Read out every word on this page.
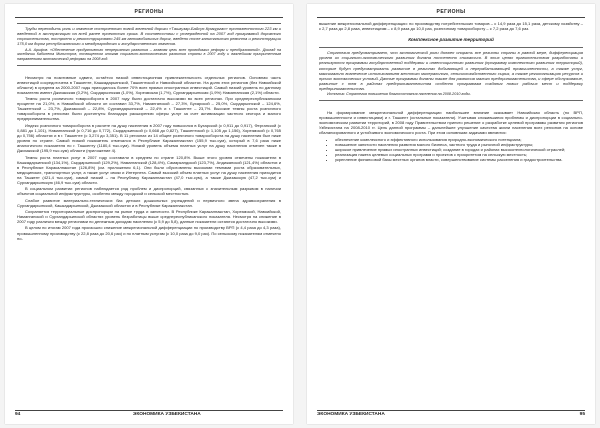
РЕГИОНЫ

Труды переходить роль и значение построенного новой железной дороги «Ташгузар-Байсун-Кумкурган» протяженностью 223 км и введенной в эксплуатацию на всей ранее проектного срока. В соответствии с утвержденной на 2007 год программой дорожного строительства, построено и реконструировано 245 км автомобильных дорог, введено после капитального ремонта и реконструкции 175,0 км дорог республиканского и международного и государственного значения.

А.А. Арифов. «Обеспечение продуктивного непрерывного развития – главная цель всех проводимых реформ и преобразований». Доклад на заседании Кабинета Министров, посвященном итогам социально-экономического развития страны в 2007 году и важнейшим приоритетным направлениям экономической реформы на 2008 год.

Несмотря на позитивные сдвиги, остаётся низкой инвестиционная привлекательность отдельных регионов. Основная часть инвестиций сосредоточена в Ташкенте, Кашкадарьинской, Ташкентской и Навоийской областях. На долю этих регионов (без Навоийской области) в среднем за 2000-2007 годы приходилось более 70% всех прямых иностранных инвестиций. Самый низкий уровень по данному показателю имеют Джизакская (0,2%), Сырдарьинская (1,0%), Хорезмская (1,7%), Сурхандарьинская (1,9%) Наманганская (2,1%) области.

Темпы роста розничного товарооборота в 2007 году были достаточно высокими во всех регионах. При среднереспубликанском проценте на 21,0%, в Навоийской области он составил 33,7%, Наманганской – 27,3%, Бухарской – 25,0%, Сырдарьинской – 124,6%, Ташкентской – 23,7%, Джизакской – 22,8%, Сурхандарьинской – 22,4% и г. Ташкенте – 23,7%. Высокие темпы роста розничного товарооборота в регионах были достигнуты благодаря расширению сферы услуг за счет активизации частного сектора и малого предпринимательства.

Индекс розничного товарооборота в расчете на душу населения в 2007 году повысился в Бухарской (с 0,911 до 0,917), Ферганской (с 0,881 до 1,101), Наманганской (с 0,716 до 0,772), Сырдарьинской (с 0,668 до 0,827), Ташкентской (с 1,105 до 1,156), Хорезмской (с 0,765 до 0,756) областях и в г. Ташкенте (с 3,274 до 3,351). В 11 регионах из 14 общее розничного товарооборота на душу населения был ниже уровня по стране. Самый низкий показатель отмечался в Республике Каракалпакстан (155,9 тыс.сум), который в 7,6 раза ниже аналогичного показателя по г. Ташкенту (1180,4 тыс.сум). Низкий уровень объема платных услуг на душу населения отмечен также в Джизакской (195,9 тыс.сум) области (приложение 4).

Темпы роста платных услуг в 2007 году составили в среднем по стране 120,8%. Выше этого уровня отмечены показатели в Кашкадарьинской (134,1%), Сырдарьинской (129,2%), Наманганской (128,4%), Самаркандской (123,7%), Андижанской (121,4%) областях и в Республике Каракалпакстан (126,8%) (см. приложения 6,1). Они были обусловлены высокими темпами роста образовательных, медицинских, транспортных услуг, а также услуг связи и Интернета. Самый высокий объем платных услуг на душу населения приходится на Ташкент (421,4 тыс.сум), самый низкий – на Республику Каракалпакстан (47,0 тыс.сум), а также Джизакскую (47,2 тыс.сум) и Сурхандарьинскую (46,9 тыс.сум) области.

В социальном развитии регионов наблюдается ряд проблем и диспропорций, связанных с значительным разрывом в наличии объектов социальной инфраструктуры, особенно между городской и сельской местностью.

Слабое развитие материально-технических баз детских дошкольных учреждений и первичного звена здравоохранения в Сурхандарьинской, Кашкадарьинской, Джизакской областях и в Республике Каракалпакстан.

Сохраняется территориальные диспропорции на рынке труда и занятости. В Республике Каракалпакстан, Хорезмской, Навоийской, Наманганской и Сурхандарьинской областях уровень безработицы выше среднереспубликанского показателя. Несмотря на снижение в 2007 году различия между регионами по денежным доходам населения (с 5,9 до 5,8), данные показатели остаются достаточно высокими.

В целом по итогам 2007 года произошло снижение межрегиональной дифференциации по производству ВРП (с 4,4 раза до 4,3 раза), промышленному производству (с 22,8 раза до 20,6 раз) и по платным услугам (с 10,0 раза до 9,0 раз). По сельскому показателям отмечено по-

94	ЭКОНОМИКА УЗБЕКИСТАНА
РЕГИОНЫ

вышение межрегиональной дифференциации: по производству потребительских товаров – с 14,9 раза до 15,1 раза, детскому хозяйству – с 2,7 раза до 2,8 раза, инвестициям – с 8,9 раза до 10,0 раз, розничному товарообороту – с 7,2 раза до 7,6 раз.

Комплексное развитие территорий

Стратегия предусматривает, что экономической роли должен опирать все регионы страны в равной мере, дифференциация уровня их социально-экономического развития должна постепенно снижаться. В этих целях правительством разработаны и реализуются программы государственной поддержки и инвестиционного развития (программу комплексного развития территорий), которые будут предусматривать развитие в регионах добывающей и перерабатывающей промышленности, а также услуг, максимально вовлечение использованием местного минерального, сельскохозяйственного сырья, а также регионализацию ресурсов и прочих экономических условий. Данные программы должны также для развития малого предпринимательства, и сфере обслуживание, развитие с тем в районах предпринимательства особенно программам создания новых рабочих мест и поддержку предпринимательства.

Источник: Стратегия повышения благосостояния населения на 2008-2010 годы.

На формирование межрегиональной дифференциации наибольшее влияние оказывает Навоийская область (по ВРП, промышленности и инвестициям) и г. Ташкент (остальные показатели). Учитывая сложившиеся проблемы и диспропорции в социально-экономическом развитии территорий, в 2008 году Правительством принято решение о разработке целевой программы развития регионов Узбекистана на 2008-2010 гг. Цель данной программы – дальнейшее улучшение качества жизни населения всех регионов на основе сбалансированного и устойчивого экономического роста. При этом основными задачами являются:

• обеспечение комплексного и эффективного использования природно-экономического потенциала;
• повышение занятости населения развития малого бизнеса, частного труда и рыночной инфраструктуры;
• широкое привлечение прямых иностранных инвестиций; создание в городах и районах высокотехнологической отраслей;
• реализация пакета целевых социальных программ и проектов с приоритетом на сельскую местность;
• укрепление финансовой базы местных органов власти, совершенствование системы расселения и градостроительства.
ЭКОНОМИКА УЗБЕКИСТАНА	95
